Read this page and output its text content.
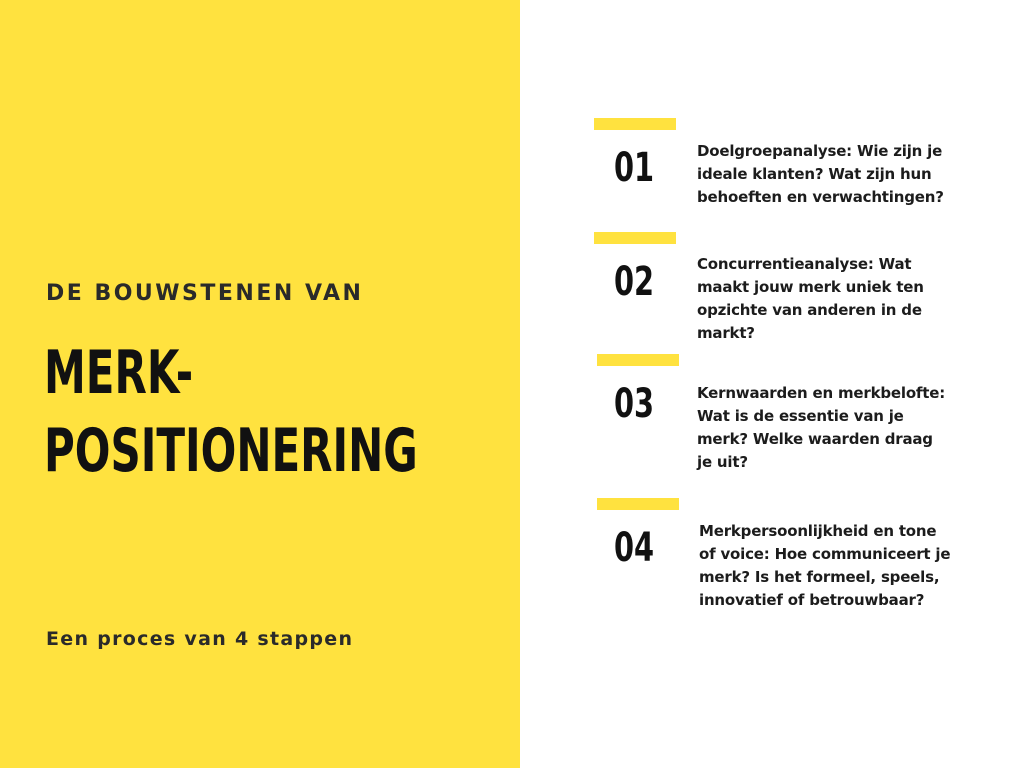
DE BOUWSTENEN VAN
MERK-
POSITIONERING
Een proces van 4 stappen
01	Doelgroepanalyse: Wie zijn je ideale klanten? Wat zijn hun behoeften en verwachtingen?
02	Concurrentieanalyse: Wat maakt jouw merk uniek ten opzichte van anderen in de markt?
03	Kernwaarden en merkbelofte: Wat is de essentie van je merk? Welke waarden draag je uit?
04	Merkpersoonlijkheid en tone of voice: Hoe communiceert je merk? Is het formeel, speels, innovatief of betrouwbaar?
